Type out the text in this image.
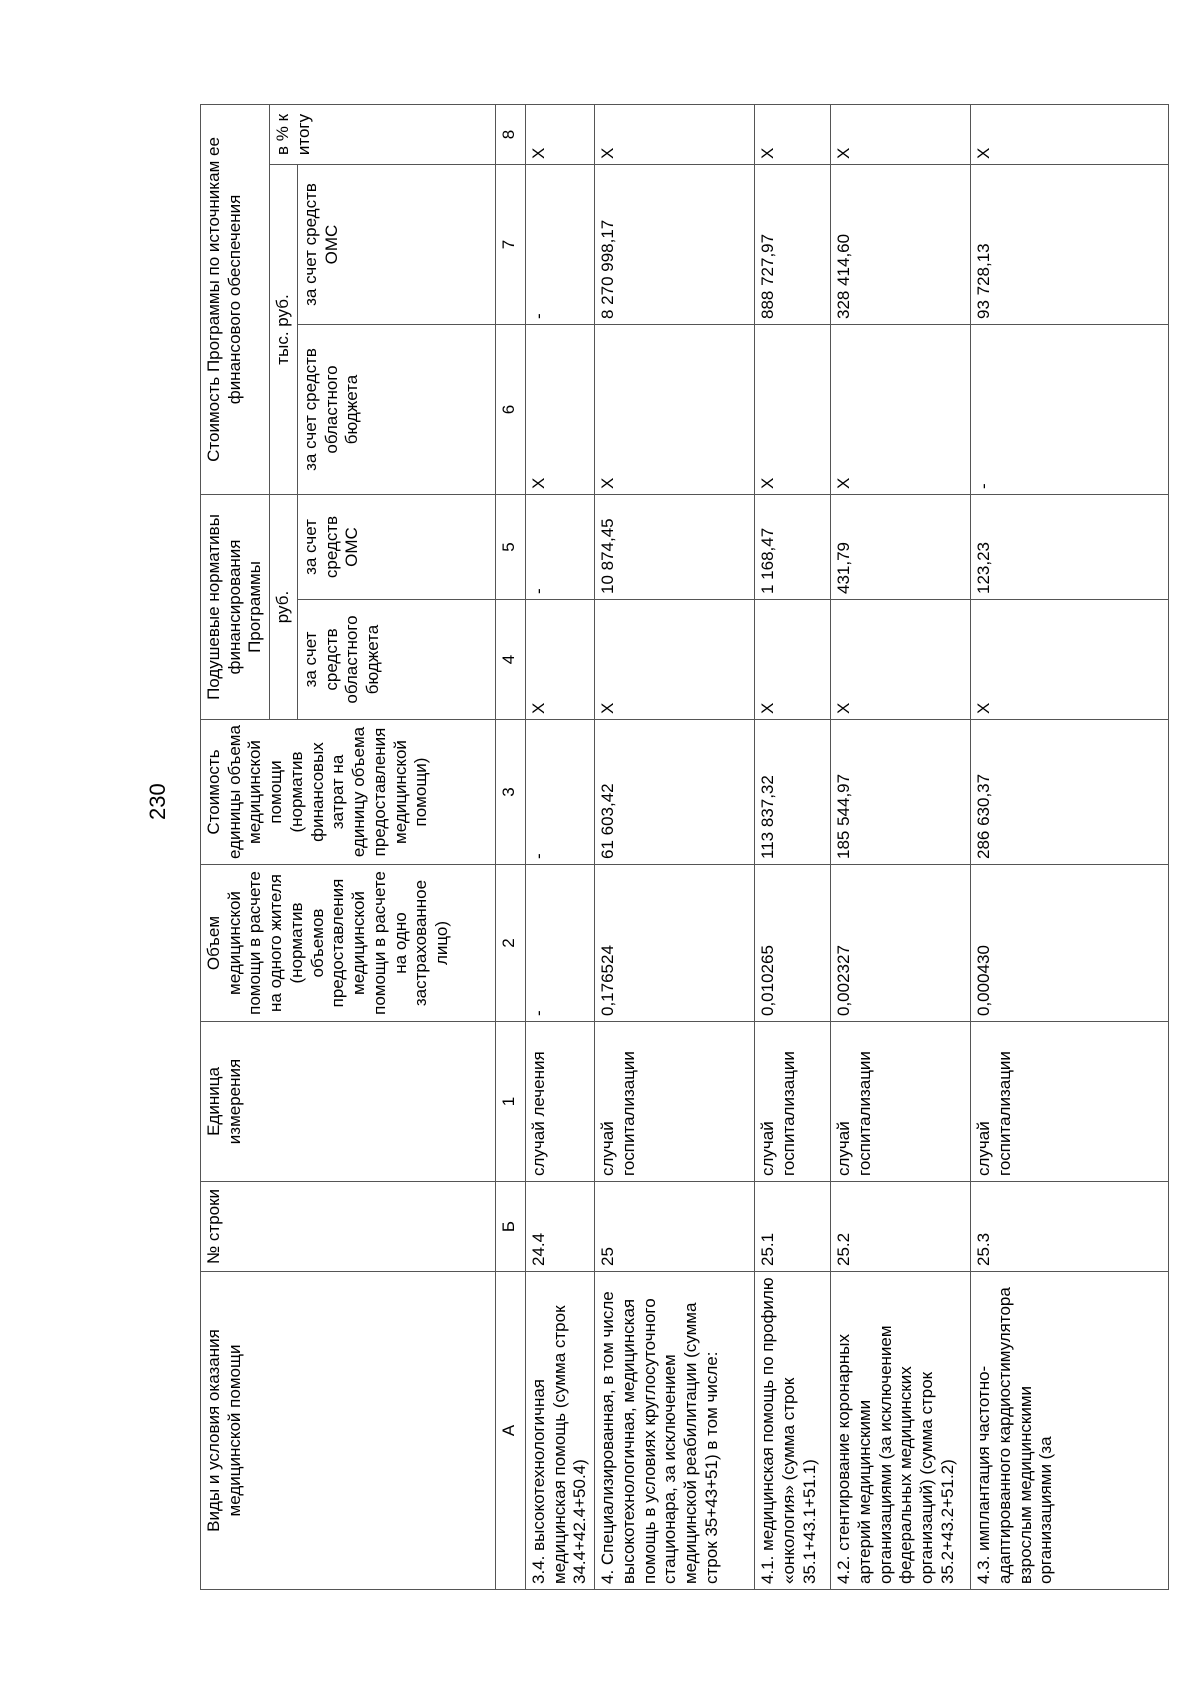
230
Виды и условия оказания медицинской помощи	№ строки	Единица измерения	Объем медицинской помощи в расчете на одного жителя (норматив объемов предоставления медицинской помощи в расчете на одно застрахованное лицо)	Стоимость единицы объема медицинской помощи (норматив финансовых затрат на единицу объема предоставления медицинской помощи)	Подушевые нормативы финансирования Программы		Стоимость Программы по источникам ее финансового обеспечения		
					руб.		тыс. руб.		в % к итогу
					за счет средств областного бюджета	за счет средств ОМС	за счет средств областного бюджета	за счет средств ОМС	
А	Б	1	2	3	4	5	6	7	8
3.4. высокотехнологичная медицинская помощь (сумма строк 34.4+42.4+50.4)	24.4	случай лечения	-	-	Х	-	Х	-	Х
4. Специализированная, в том числе высокотехнологичная, медицинская помощь в условиях круглосуточного стационара, за исключением медицинской реабилитации (сумма строк 35+43+51) в том числе:	25	случай госпитализации	0,176524	61 603,42	Х	10 874,45	Х	8 270 998,17	Х
4.1. медицинская помощь по профилю «онкология» (сумма строк 35.1+43.1+51.1)	25.1	случай госпитализации	0,010265	113 837,32	Х	1 168,47	Х	888 727,97	Х
4.2. стентирование коронарных артерий медицинскими организациями (за исключением федеральных медицинских организаций) (сумма строк 35.2+43.2+51.2)	25.2	случай госпитализации	0,002327	185 544,97	Х	431,79	Х	328 414,60	Х
4.3. имплантация частотно-адаптированного кардиостимулятора взрослым медицинскими организациями (за	25.3	случай госпитализации	0,000430	286 630,37	Х	123,23	-	93 728,13	Х
